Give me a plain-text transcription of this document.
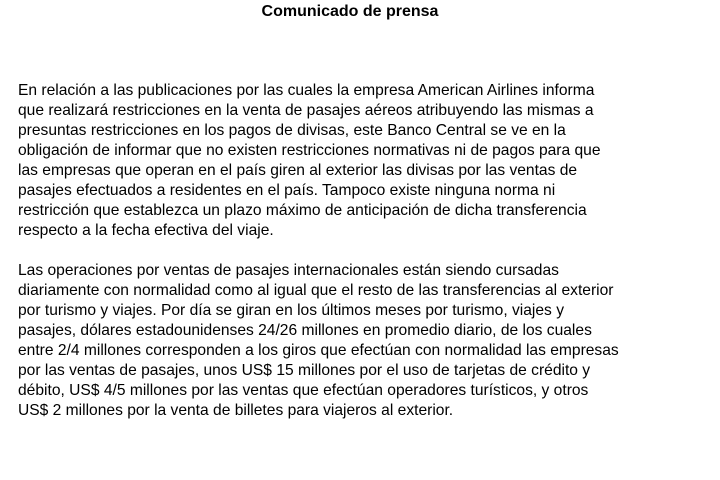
Comunicado de prensa
En relación a las publicaciones por las cuales la empresa American Airlines informa
que realizará restricciones en la venta de pasajes aéreos atribuyendo las mismas a
presuntas restricciones en los pagos de divisas, este Banco Central se ve en la
obligación de informar que no existen restricciones normativas ni de pagos para que
las empresas que operan en el país giren al exterior las divisas por las ventas de
pasajes efectuados a residentes en el país. Tampoco existe ninguna norma ni
restricción que establezca un plazo máximo de anticipación de dicha transferencia
respecto a la fecha efectiva del viaje.
Las operaciones por ventas de pasajes internacionales están siendo cursadas
diariamente con normalidad como al igual que el resto de las transferencias al exterior
por turismo y viajes. Por día se giran en los últimos meses por turismo, viajes y
pasajes, dólares estadounidenses 24/26 millones en promedio diario, de los cuales
entre 2/4 millones corresponden a los giros que efectúan con normalidad las empresas
por las ventas de pasajes, unos US$ 15 millones por el uso de tarjetas de crédito y
débito, US$ 4/5 millones por las ventas que efectúan operadores turísticos, y otros
US$ 2 millones por la venta de billetes para viajeros al exterior.
